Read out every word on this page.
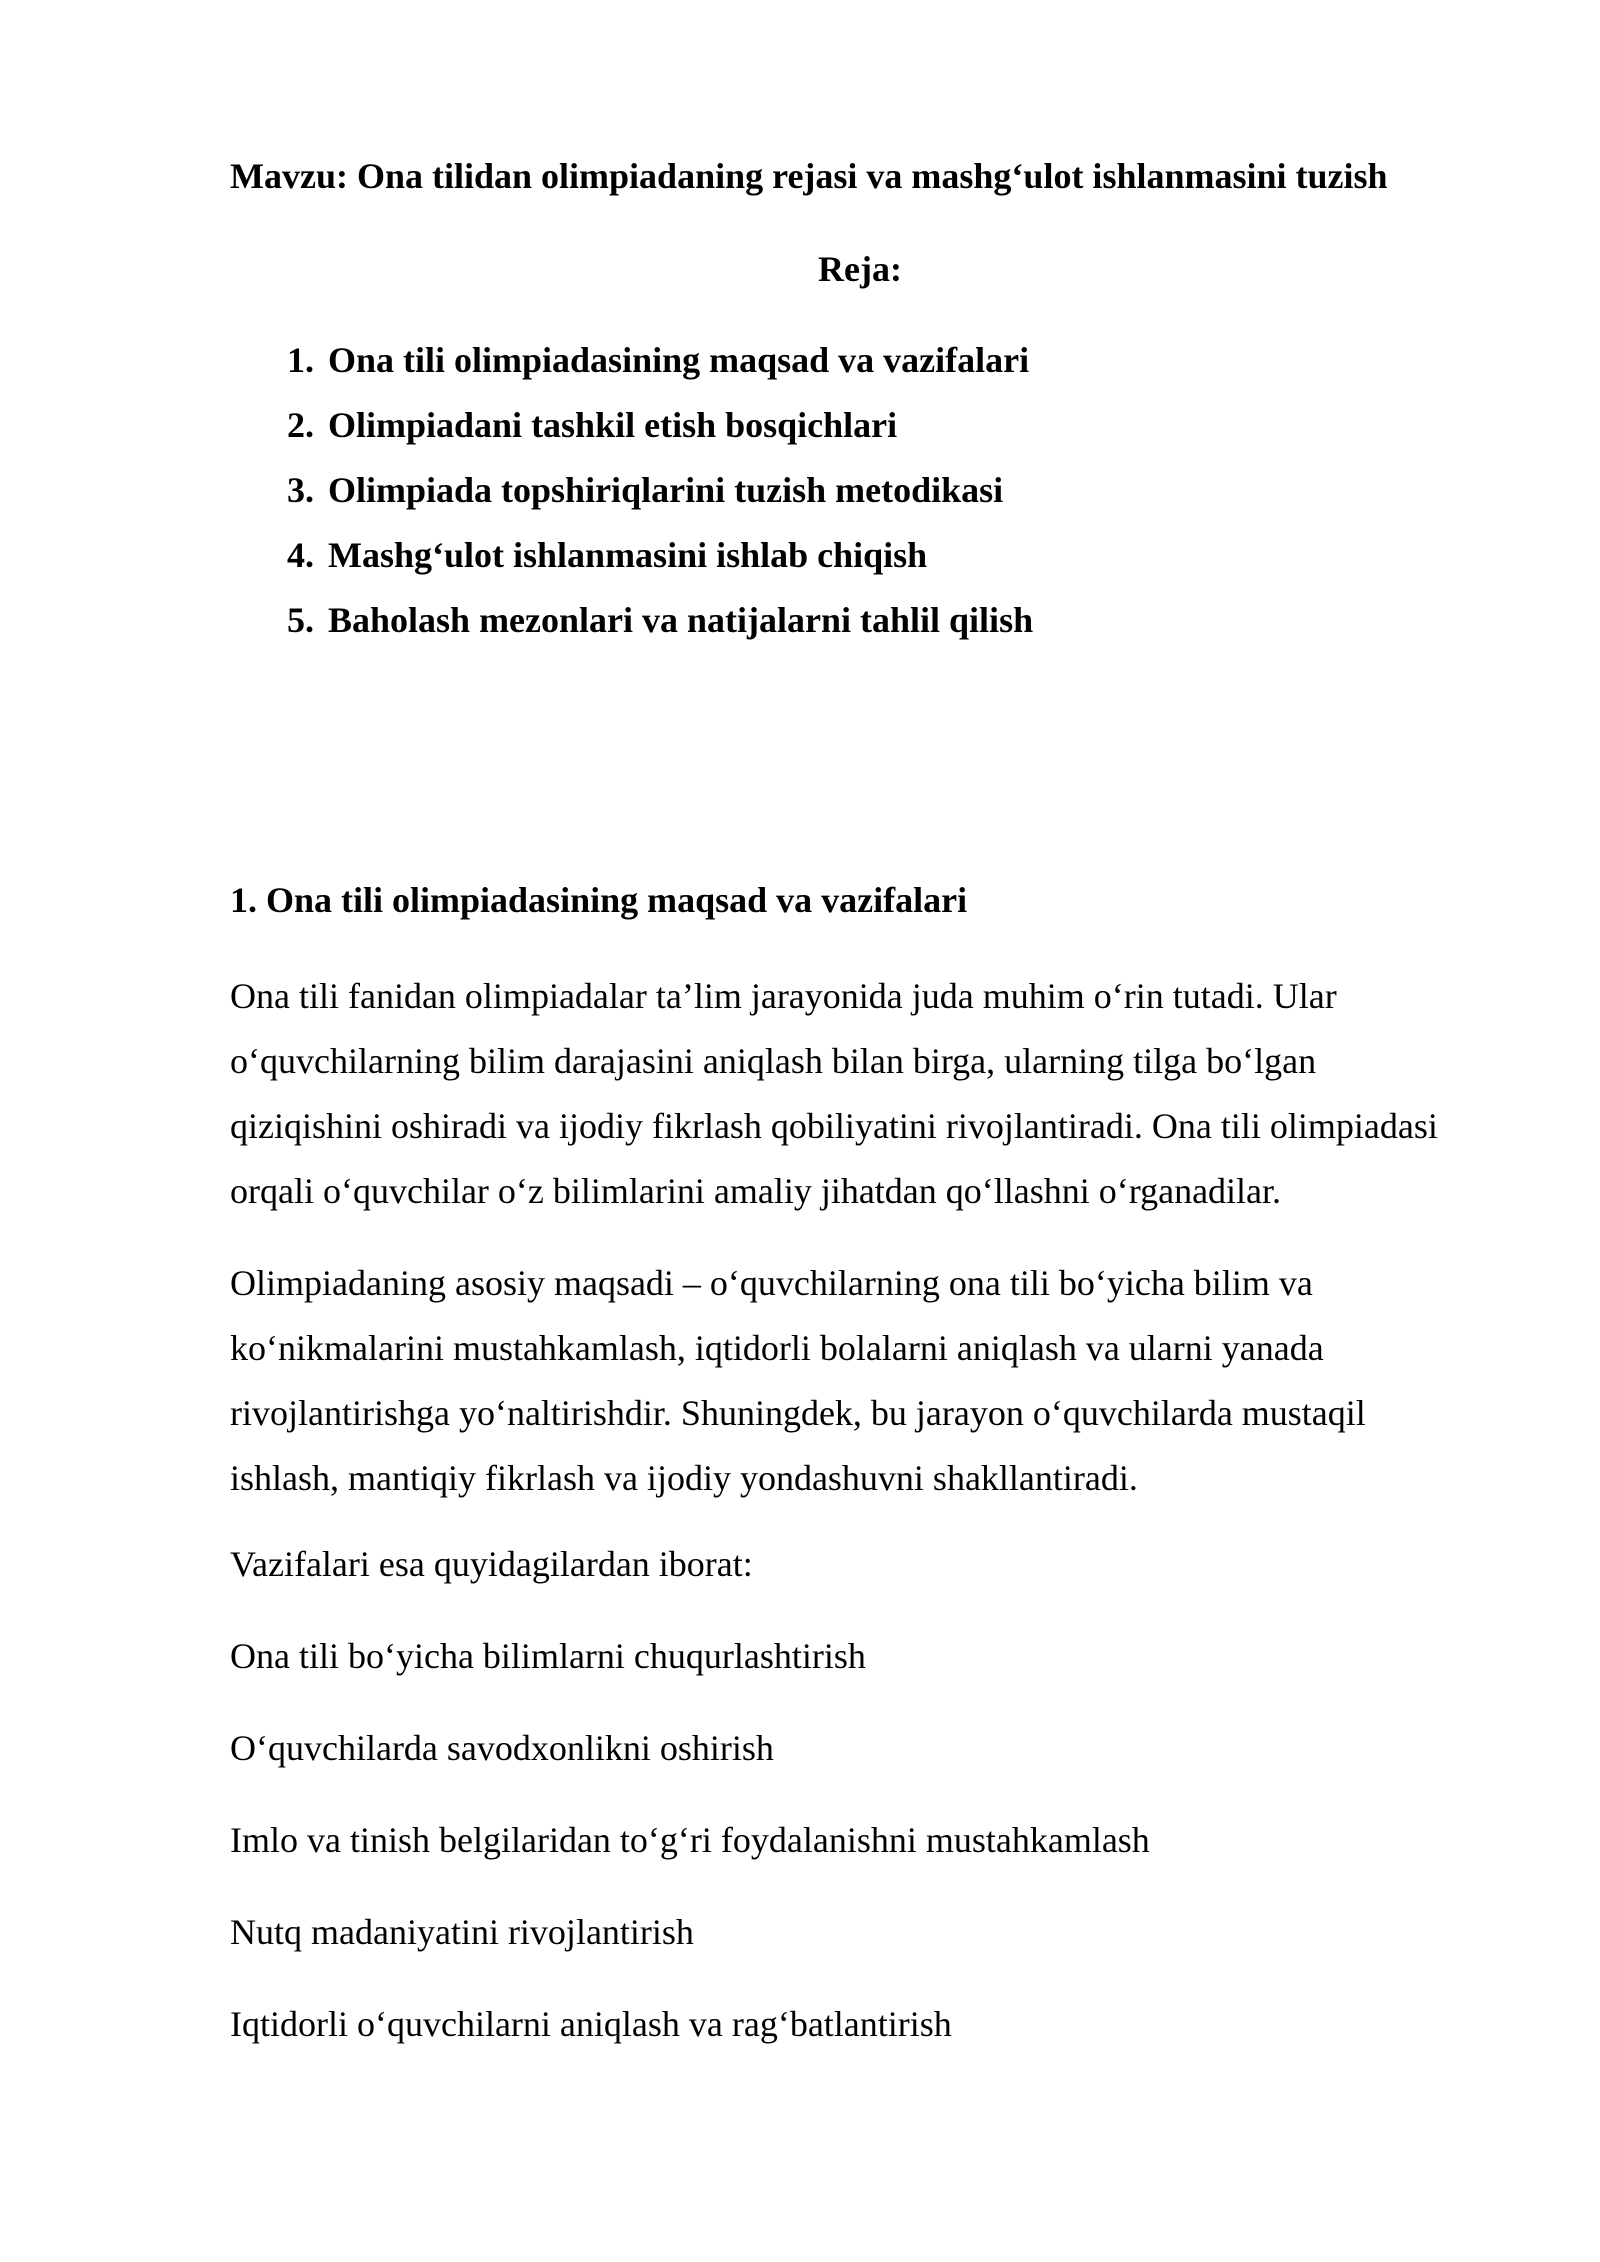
Mavzu: Ona tilidan olimpiadaning rejasi va mashg‘ulot ishlanmasini tuzish
Reja:
1. Ona tili olimpiadasining maqsad va vazifalari
2. Olimpiadani tashkil etish bosqichlari
3. Olimpiada topshiriqlarini tuzish metodikasi
4. Mashg‘ulot ishlanmasini ishlab chiqish
5. Baholash mezonlari va natijalarni tahlil qilish
1. Ona tili olimpiadasining maqsad va vazifalari

Ona tili fanidan olimpiadalar ta’lim jarayonida juda muhim o‘rin tutadi. Ular o‘quvchilarning bilim darajasini aniqlash bilan birga, ularning tilga bo‘lgan qiziqishini oshiradi va ijodiy fikrlash qobiliyatini rivojlantiradi. Ona tili olimpiadasi orqali o‘quvchilar o‘z bilimlarini amaliy jihatdan qo‘llashni o‘rganadilar.

Olimpiadaning asosiy maqsadi – o‘quvchilarning ona tili bo‘yicha bilim va ko‘nikmalarini mustahkamlash, iqtidorli bolalarni aniqlash va ularni yanada rivojlantirishga yo‘naltirishdir. Shuningdek, bu jarayon o‘quvchilarda mustaqil ishlash, mantiqiy fikrlash va ijodiy yondashuvni shakllantiradi.

Vazifalari esa quyidagilardan iborat:

Ona tili bo‘yicha bilimlarni chuqurlashtirish

O‘quvchilarda savodxonlikni oshirish

Imlo va tinish belgilaridan to‘g‘ri foydalanishni mustahkamlash

Nutq madaniyatini rivojlantirish

Iqtidorli o‘quvchilarni aniqlash va rag‘batlantirish
